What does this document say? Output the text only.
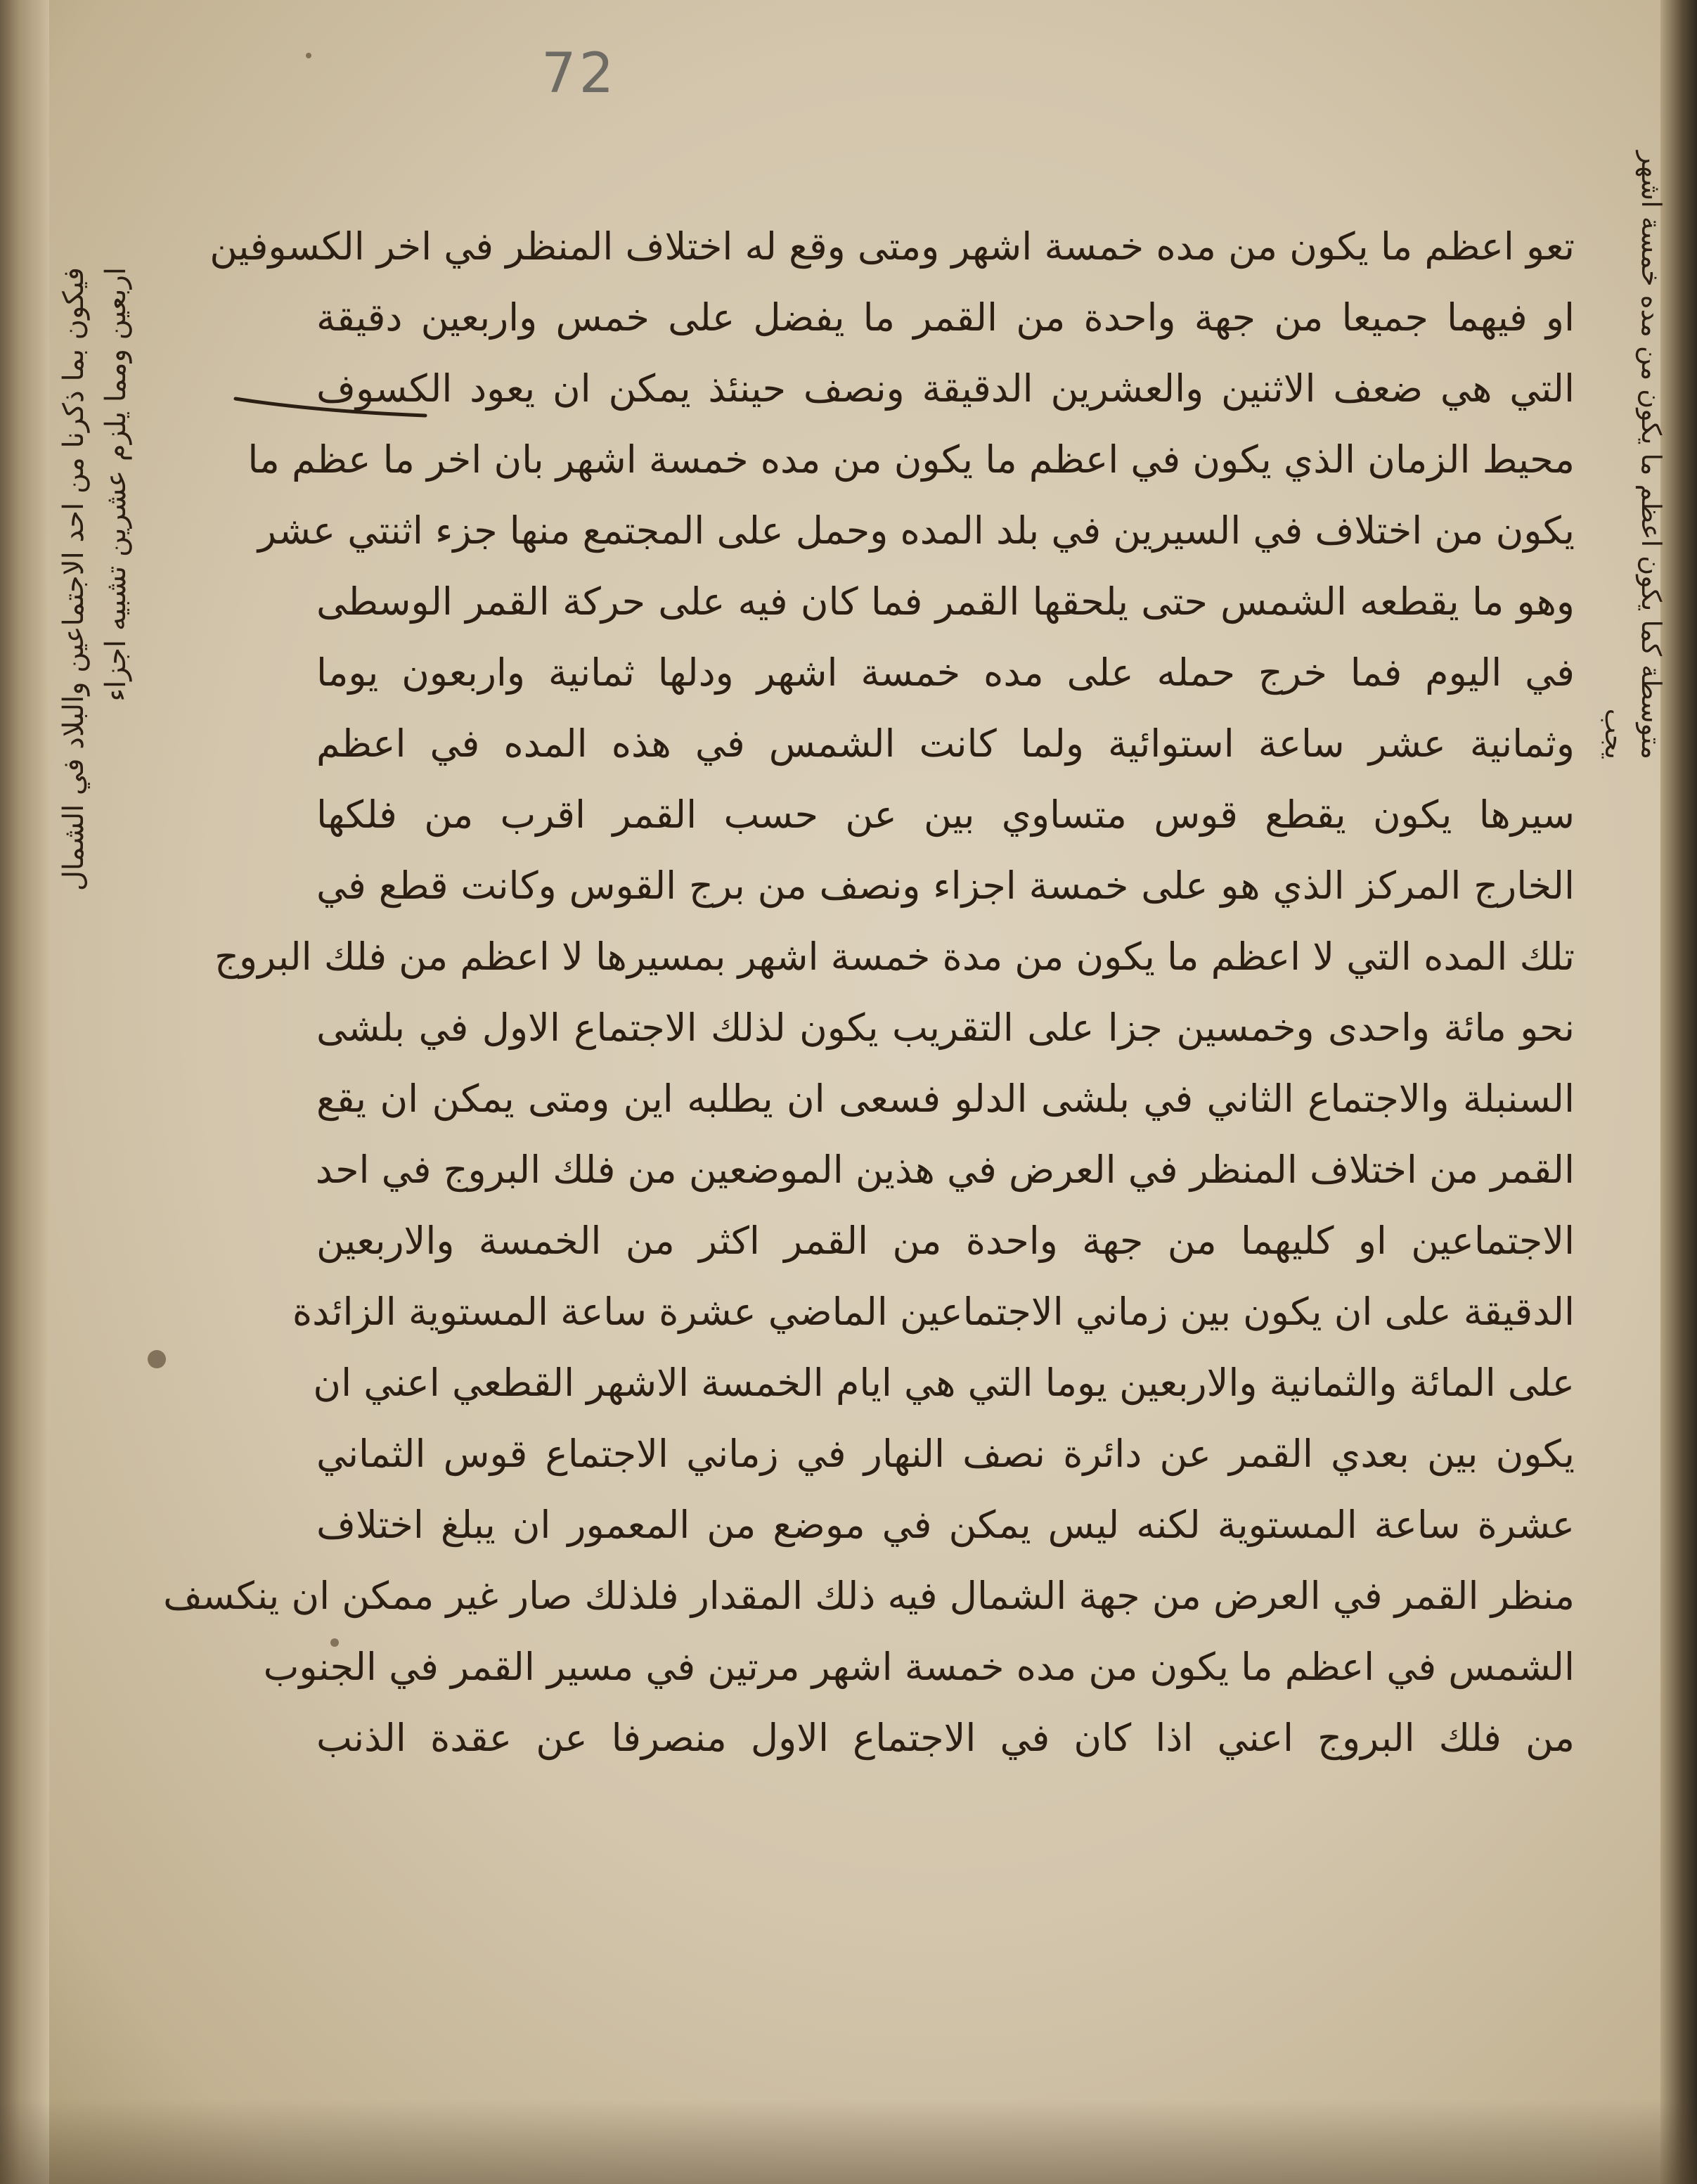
72
فيكون بما ذكرنا من احد الاجتماعين والبلاد في الشمال اربعين ومما يلزم عشرين تشبيه اجزاء	متوسطة كما يكون اعظم ما يكون من مده خمسة اشهر
يجب
تعو اعظم ما يكون من مده خمسة اشهر ومتى وقع له اختلاف المنظر في اخر الكسوفين
او فيهما جميعا من جهة واحدة من القمر ما يفضل على خمس واربعين دقيقة
التي هي ضعف الاثنين والعشرين الدقيقة ونصف حينئذ يمكن ان يعود الكسوف
محيط الزمان الذي يكون في اعظم ما يكون من مده خمسة اشهر بان اخر ما عظم ما
يكون من اختلاف في السيرين في بلد المده وحمل على المجتمع منها جزء اثنتي عشر
وهو ما يقطعه الشمس حتى يلحقها القمر فما كان فيه على حركة القمر الوسطى
في اليوم فما خرج حمله على مده خمسة اشهر ودلها ثمانية واربعون يوما
وثمانية عشر ساعة استوائية ولما كانت الشمس في هذه المده في اعظم
سيرها يكون يقطع قوس متساوي بين عن حسب القمر اقرب من فلكها
الخارج المركز الذي هو على خمسة اجزاء ونصف من برج القوس وكانت قطع في
تلك المده التي لا اعظم ما يكون من مدة خمسة اشهر بمسيرها لا اعظم من فلك البروج
نحو مائة واحدى وخمسين جزا على التقريب يكون لذلك الاجتماع الاول في بلشى
السنبلة والاجتماع الثاني في بلشى الدلو فسعى ان يطلبه اين ومتى يمكن ان يقع
القمر من اختلاف المنظر في العرض في هذين الموضعين من فلك البروج في احد
الاجتماعين او كليهما من جهة واحدة من القمر اكثر من الخمسة والاربعين
الدقيقة على ان يكون بين زماني الاجتماعين الماضي عشرة ساعة المستوية الزائدة
على المائة والثمانية والاربعين يوما التي هي ايام الخمسة الاشهر القطعي اعني ان
يكون بين بعدي القمر عن دائرة نصف النهار في زماني الاجتماع قوس الثماني
عشرة ساعة المستوية لكنه ليس يمكن في موضع من المعمور ان يبلغ اختلاف
منظر القمر في العرض من جهة الشمال فيه ذلك المقدار فلذلك صار غير ممكن ان ينكسف
الشمس في اعظم ما يكون من مده خمسة اشهر مرتين في مسير القمر في الجنوب
من فلك البروج اعني اذا كان في الاجتماع الاول منصرفا عن عقدة الذنب
